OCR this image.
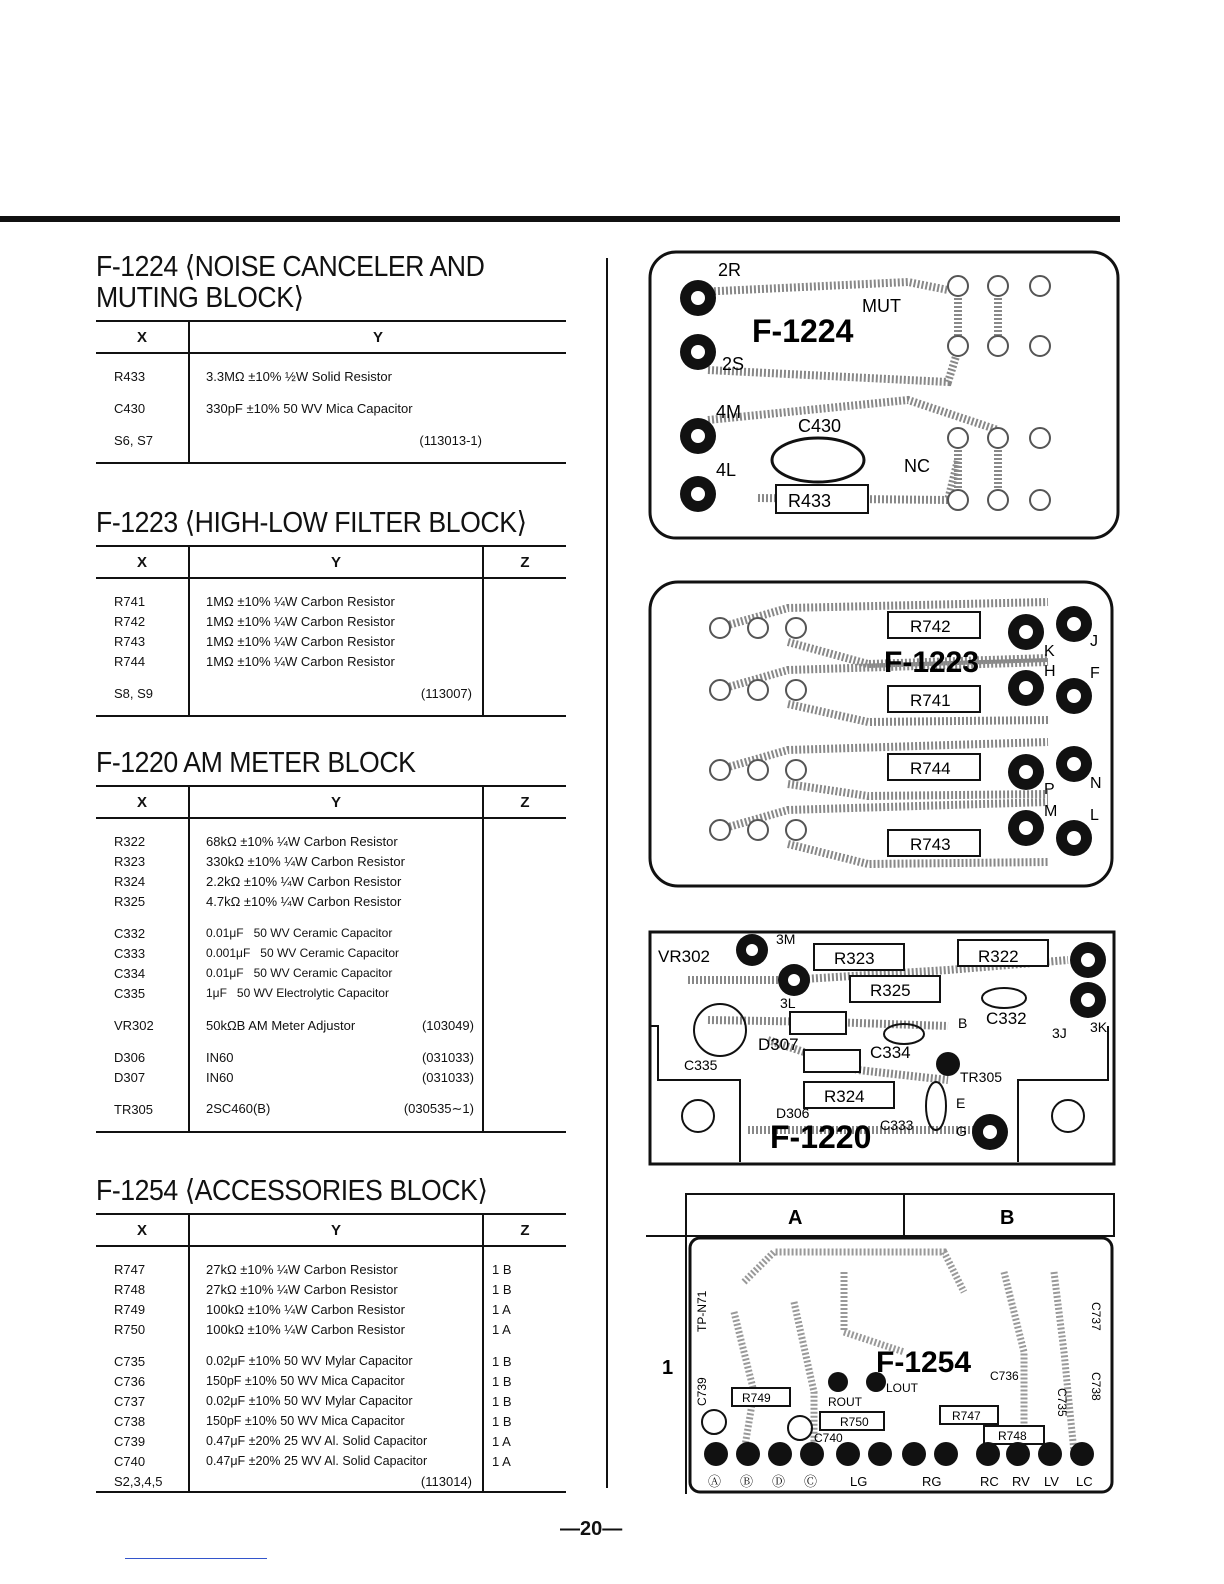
F-1224 ⟨NOISE CANCELER AND
MUTING BLOCK⟩
X	Y

R433	3.3MΩ ±10% ½W Solid Resistor

C430	330pF ±10% 50 WV Mica Capacitor

S6, S7	(113013-1)

F-1223 ⟨HIGH-LOW FILTER BLOCK⟩
X	Y	Z

R741	1MΩ ±10% ¼W Carbon Resistor	
R742	1MΩ ±10% ¼W Carbon Resistor	
R743	1MΩ ±10% ¼W Carbon Resistor	
R744	1MΩ ±10% ¼W Carbon Resistor	

S8, S9	(113007)	

F-1220 AM METER BLOCK
X	Y	Z

R322	68kΩ ±10% ¼W Carbon Resistor	
R323	330kΩ ±10% ¼W Carbon Resistor	
R324	2.2kΩ ±10% ¼W Carbon Resistor	
R325	4.7kΩ ±10% ¼W Carbon Resistor	

C332	0.01μF   50 WV Ceramic Capacitor	
C333	0.001μF   50 WV Ceramic Capacitor	
C334	0.01μF   50 WV Ceramic Capacitor	
C335	1μF   50 WV Electrolytic Capacitor	

VR302	50kΩB AM Meter Adjustor (103049)	

D306	IN60 (031033)	

D307	IN60 (031033)	

TR305	2SC460(B) (030535∼1)	

F-1254 ⟨ACCESSORIES BLOCK⟩
X	Y	Z

R747	27kΩ ±10% ¼W Carbon Resistor	1 B
R748	27kΩ ±10% ¼W Carbon Resistor	1 B
R749	100kΩ ±10% ¼W Carbon Resistor	1 A
R750	100kΩ ±10% ¼W Carbon Resistor	1 A

C735	0.02μF ±10% 50 WV Mylar Capacitor	1 B
C736	150pF ±10% 50 WV Mica Capacitor	1 B
C737	0.02μF ±10% 50 WV Mylar Capacitor	1 B
C738	150pF ±10% 50 WV Mica Capacitor	1 B
C739	0.47μF ±20% 25 WV Al. Solid Capacitor	1 A
C740	0.47μF ±20% 25 WV Al. Solid Capacitor	1 A
S2,3,4,5	(113014)	
2R
MUT
F-1224
2S
4M
C430
4L	NC
R433
R742
R741
R744
R743
F-1223
J
K
H F
N
P
M L
VR302
3M
R323	R322
R325
3L
C332	3K
3J
C335
D307	C334
TR305
B
E
D306
R324
C333	G
F-1220
A	B
1	F-1254
TP-N71
C739	R749	ROUT
LOUT
R750
C740
R747
R748
C736
C735
C737
C738
Ⓐ Ⓑ Ⓓ Ⓒ	LG	RG	RC RV LV LC
—20—
